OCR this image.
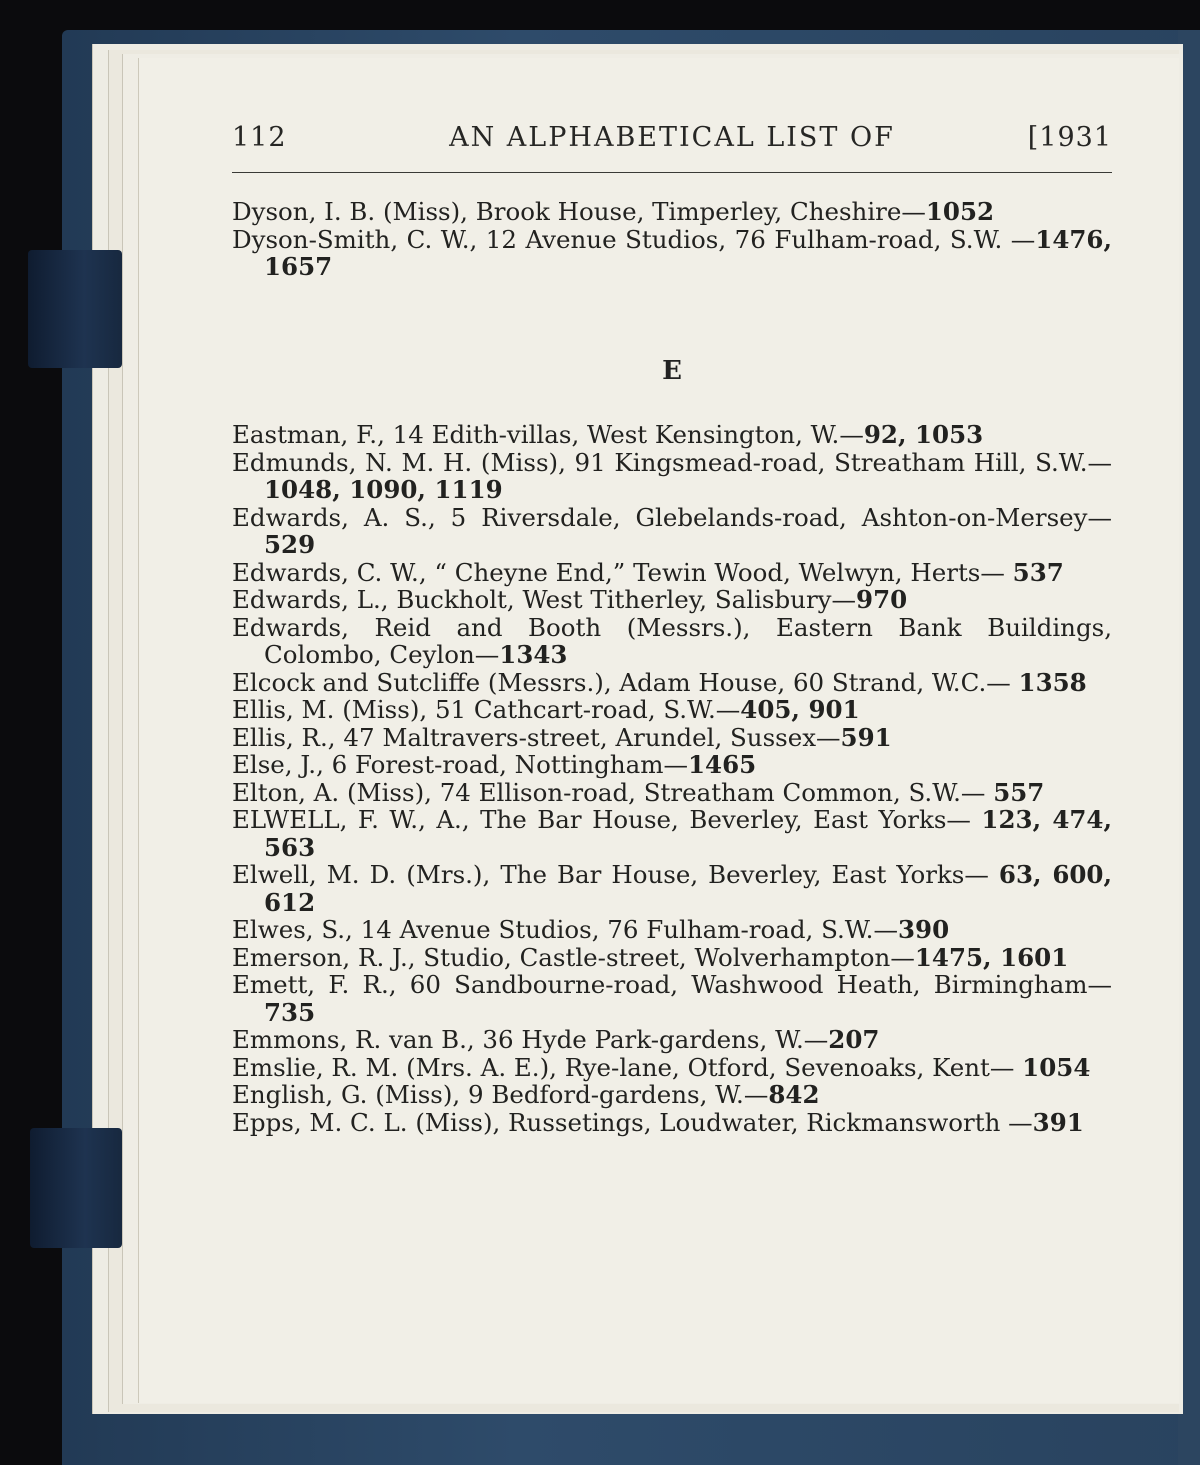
AN ALPHABETICAL LIST OF
112	[1931

Dyson, I. B. (Miss), Brook House, Timperley, Cheshire—1052

Dyson-Smith, C. W., 12 Avenue Studios, 76 Fulham-road, S.W. —1476, 1657

E

Eastman, F., 14 Edith-villas, West Kensington, W.—92, 1053

Edmunds, N. M. H. (Miss), 91 Kingsmead-road, Streatham Hill, S.W.—1048, 1090, 1119

Edwards, A. S., 5 Riversdale, Glebelands-road, Ashton-on-Mersey—529

Edwards, C. W., “ Cheyne End,” Tewin Wood, Welwyn, Herts— 537

Edwards, L., Buckholt, West Titherley, Salisbury—970

Edwards, Reid and Booth (Messrs.), Eastern Bank Buildings, Colombo, Ceylon—1343

Elcock and Sutcliffe (Messrs.), Adam House, 60 Strand, W.C.— 1358

Ellis, M. (Miss), 51 Cathcart-road, S.W.—405, 901

Ellis, R., 47 Maltravers-street, Arundel, Sussex—591

Else, J., 6 Forest-road, Nottingham—1465

Elton, A. (Miss), 74 Ellison-road, Streatham Common, S.W.— 557

ELWELL, F. W., A., The Bar House, Beverley, East Yorks— 123, 474, 563

Elwell, M. D. (Mrs.), The Bar House, Beverley, East Yorks— 63, 600, 612

Elwes, S., 14 Avenue Studios, 76 Fulham-road, S.W.—390

Emerson, R. J., Studio, Castle-street, Wolverhampton—1475, 1601

Emett, F. R., 60 Sandbourne-road, Washwood Heath, Birmingham—735

Emmons, R. van B., 36 Hyde Park-gardens, W.—207

Emslie, R. M. (Mrs. A. E.), Rye-lane, Otford, Sevenoaks, Kent— 1054

English, G. (Miss), 9 Bedford-gardens, W.—842

Epps, M. C. L. (Miss), Russetings, Loudwater, Rickmansworth —391
